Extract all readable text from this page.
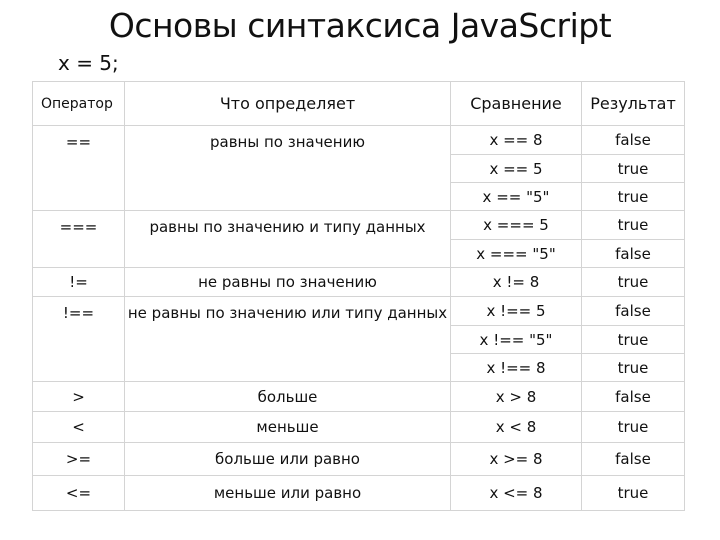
Основы синтаксиса JavaScript
x = 5;
Оператор	Что определяет	Сравнение	Результат
==	равны по значению	x == 8	false
		x == 5	true
		x == "5"	true
===	равны по значению и типу данных	x === 5	true
		x === "5"	false
!=	не равны по значению	x != 8	true
!==	не равны по значению или типу данных	x !== 5	false
		x !== "5"	true
		x !== 8	true
>	больше	x > 8	false
<	меньше	x < 8	true
>=	больше или равно	x >= 8	false
<=	меньше или равно	x <= 8	true
